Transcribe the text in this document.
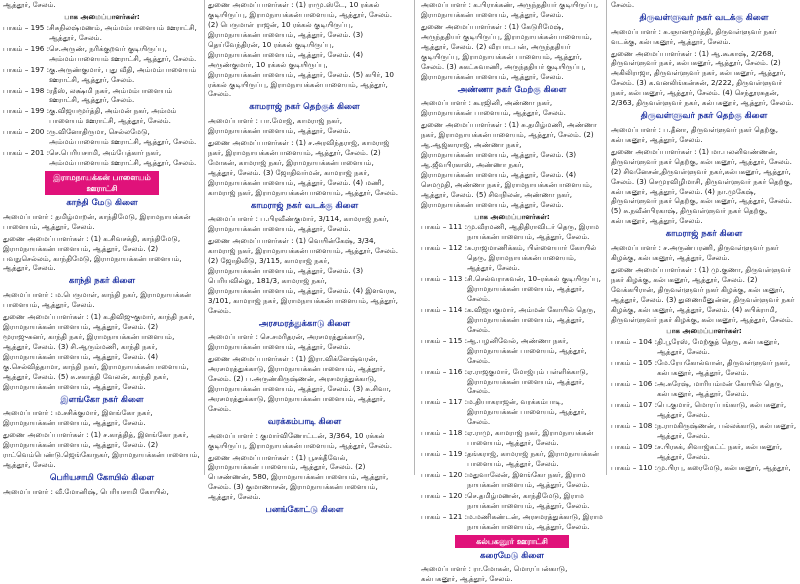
ஆத்தூர், சேலம்.

பாக அமைப்பாளர்கள்:
பாகம் – 195 : சிசுநிலஷ்மணம், அம்மம்பாளையம் ஊராட்சி, ஆத்தூர், சேலம்.
பாகம் – 196 : செ.அருண், நரிக்குறவர் குடியிருப்பு, அம்மம்பாளையம் ஊராட்சி, ஆத்தூர், சேலம்.
பாகம் – 197 : கு.அருண்குமார், புது வீதி, அம்மம்பாளையம் ஊராட்சி, ஆத்தூர், சேலம்.
பாகம் – 198 : ரதீஸ், லக்ஷ்மி நகர், அம்மம்பாளையம் ஊராட்சி, ஆத்தூர், சேலம்.
பாகம் – 199 : கு.விஜயமூர்த்தி, அம்மன் நகர், அம்மம் பாளையம் ஊராட்சி, ஆத்தூர், சேலம்.
பாகம் – 200 : ரு.வினோதிருமா, செல்லமேடு, அம்மம்பாளையம் ஊராட்சி, ஆத்தூர், சேலம்.
பாகம் – 201 : செ.பெரியசாமி, அம்பேத்கார் நகர், அம்மம்பாளையம் ஊராட்சி, ஆத்தூர், சேலம்.
இராமநாயக்கன் பாளையம் ஊராட்சி
காந்தி மேடு கிளை

அமைப்பாளர் : தமிழ்மாறன், காந்திமேடு, இராமநாயக்கன் பாளையம், ஆத்தூர், சேலம்.

துணை அமைப்பாளர்கள் : (1) க.சிவசக்தி, காந்திமேடு, இராமநாயக்கன்பாளையம், ஆத்தூர், சேலம். (2) பவநுசெல்லம், காந்திமேடு, இராமநாயக்கன்பாளையம், ஆத்தூர், சேலம்.

காந்தி நகர் கிளை

அமைப்பாளர் : ம.பெருமாள், காந்தி நகர், இராமநாயக்கன் பாளையம், ஆத்தூர், சேலம்.

துணை அமைப்பாளர்கள் : (1) க.திவிஜுகுமார், காந்தி நகர், இராமநாயக்கன்பாளையம், ஆத்தூர், சேலம். (2) மூராஜுசுனர், காந்தி நகர், இராமநாயக்கன்பாளையம், ஆத்தூர், சேலம். (3) சி.ஆரும்மணி, காந்தி நகர், இராமநாயக்கன்பாளையம், ஆத்தூர், சேலம். (4) கு.செல்வித்தாமா, காந்தி நகர், இராமநாயக்கன்பாளையம், ஆத்தூர், சேலம். (5) சு.சகாத்தி வேலன், காந்தி நகர், இராமநாயக்கன்பாளையம், ஆத்தூர், சேலம்.

இளங்கோ நகர் கிளை

அமைப்பாளர் : ம.சசிக்குமார், இளங்கோ நகர், இராமநாயக்கன்பாளையம், ஆத்தூர், சேலம்.

துணை அமைப்பாளர்கள் : (1) ச.காத்தித், இளங்கோ நகர், இராமநாயக்கன்பாளையம், ஆத்தூர், சேலம். (2) ராட்வெம்பெண்டு.ஜெங்கோநகர், இராமநாயக்கன்பாளையம், ஆத்தூர், சேலம்.

பெரியசாமி கோயில் கிளை

அமைப்பாளர் : வீ.மோனிஷ், பெரியசாமி கோயில்,

துணை அமைப்பாளர்கள் : (1) ராமு.ஸ்டே, 10 ரக்கல் குடியிருப்பு, இராமநாயக்கன்பாளையம், ஆத்தூர், சேலம். (2) பெருமாள் ராஜன், 10 ரக்கல் குடியிருப்பு, இராமநாயக்கன்பாளையம், ஆத்தூர், சேலம். (3) தெய்வேந்திரன், 10 ரக்கல் குடியிருப்பு, இராமநாயக்கன்பாளையம், ஆத்தூர், சேலம். (4) அருண்குமார், 10 ரக்கல் குடியிருப்பு, இராமநாயக்கன்பாளையம், ஆத்தூர், சேலம். (5) கபிர், 10 ரக்கல் குடியிருப்பு, இராமநாயக்கன்பாளையம், ஆத்தூர், சேலம்.

காமராஜ் நகர் தெற்குக் கிளை

அமைப்பாளர் : பா.மோஜ், காமராஜ் நகர், இராமநாயக்கன்பாளையம், ஆத்தூர், சேலம்.

துணை அமைப்பாளர்கள் : (1) ச.அரவிந்தராஜ், காமராஜ் நகர், இராமநாயக்கன்பாளையம், ஆத்தூர், சேலம். (2) மோகன், காமராஜ் நகர், இராமநாயக்கன்பாளையம், ஆத்தூர், சேலம். (3) ஜோதிவர்மன், காமராஜ் நகர், இராமநாயக்கன்பாளையம், ஆத்தூர், சேலம். (4) மணி, காமராஜ் நகர், இராமநாயக்கன்பாளையம், ஆத்தூர், சேலம்.

காமராஜ் நகர் வடக்கு கிளை

அமைப்பாளர் : ப.பிரவீண்குமார், 3/114, காமராஜ் நகர், இராமநாயக்கன்பாளையம், ஆத்தூர், சேலம்.

துணை அமைப்பாளர்கள் : (1) வெயின்கேஷ், 3/34, காமராஜ் நகர், இராமநாயக்கன்பாளையம், ஆத்தூர், சேலம். (2) ஜோதிவீடு, 3/115, காமராஜ் நகர், இராமநாயக்கன்பாளையம், ஆத்தூர், சேலம். (3) பெரியவில்லு, 181/3, காமராஜ் நகர், இராமநாயக்கன்பாளையம், ஆத்தூர், சேலம். (4) இளவரசு, 3/101, காமராஜ் நகர், இராமநாயக்கன்பாளையம், ஆத்தூர், சேலம்.

அரசமரத்துக்காடு கிளை

அமைப்பாளர் : செ.சமரிதரன், அரசமரத்துக்காடு, இராமநாயக்கன்பாளையம், ஆத்தூர், சேலம்.

துணை அமைப்பாளர்கள் : (1) இரா.விக்னேஷ்வரன், அரசமரத்துக்காடு, இராமநாயக்கன்பாளையம், ஆத்தூர், சேலம். (2) ப.அருண்கிருஷ்ணன், அரசமரத்துக்காடு, இராமநாயக்கன்பாளையம், ஆத்தூர், சேலம். (3) சு.சிவா, அரசமரத்துக்காடு, இராமநாயக்கன்பாளையம், ஆத்தூர், சேலம்.

வரக்கம்பாடி கிளை

அமைப்பாளர் : குமார்விணோட்டன், 3/364, 10 ரக்கல் குடியிருப்பு, இராமநாயக்கன்பாளையம், ஆத்தூர், சேலம்.

துணை அமைப்பாளர்கள் : (1) பூசக்தீவேல், இராமநாயக்கன் பாளையம், ஆத்தூர், சேலம். (2) பெசண்ணன், 580, இராமநாயக்கன்பாளையம், ஆத்தூர், சேலம். (3) குமாணாசன், இராமநாயக்கன்பாளையம், ஆத்தூர், சேலம்.

பனங்கோட்டு கிளை

அமைப்பாளர் : க.பிராக்கண், அருந்ததியர் குடியிருப்பு, இராமநாயக்கன்பாளையம், ஆத்தூர், சேலம்.

துணை அமைப்பாளர்கள் : (1) கேடுரிமேஷ், அருந்ததியர் குடியிருப்பு, இராமநாயக்கன்பாளையம், ஆத்தூர், சேலம். (2) வீரபாடபன், அருந்ததியர் குடியிருப்பு, இராமநாயக்கன் பாளையம், ஆத்தூர், சேலம். (3) சுகட்சுவாணி, அருந்ததியர் குடியிருப்பு, இராமநாயக்கன்பாளையம், ஆத்தூர், சேலம்.

அண்ணா நகர் மேற்கு கிளை

அமைப்பாளர் : கூரஜினி, அண்ணா நகர், இராமநாயக்கன் பாளையம், ஆத்தூர், சேலம்.

துணை அமைப்பாளர்கள் : (1) சு.தமிழ்மணி, அண்ணா நகர், இராமநாயக்கன்பாளையம், ஆத்தூர், சேலம். (2) ஆ.ஆஜ்காராஜ், அண்ணா நகர், இராமநாயக்கன்பாளையம், ஆத்தூர், சேலம். (3) ஆ.ஜீவபிரகாஸ், அண்ணா நகர், இராமநாயக்கன்பாளையம், ஆத்தூர், சேலம். (4) செமமுதி, அண்ணா நகர், இராமநாயக்கன்பாளையம், ஆத்தூர், சேலம். (5) சிவநிலன், அண்ணா நகர், இராமநாயக்கன்பாளையம், ஆத்தூர், சேலம்.

பாக அமைப்பாளர்கள்:
பாகம் – 111 : மு.வீரமணி, ஆதிதிராவிடர் தெரு, இராம நாயக்கன்பாளையம், ஆத்தூர், சேலம்.
பாகம் – 112 : சு.ராஜமாணிக்கம், பிள்ளையார் கோயில் தெரு, இராமநாயக்கன்பாளையம், ஆத்தூர், சேலம்.
பாகம் – 113 : சி.செல்வராகவன், 10–ரக்கல் குடியிருப்பு, இராமநாயக்கன்பாளையம், ஆத்தூர், சேலம்.
பாகம் – 114 : க.விஜயகுமார், அம்மன் கோயில் தெரு, இராமநாயக்கன்பாளையம், ஆத்தூர், சேலம்.
பாகம் – 115 : ஆ.பழனிவேல், அண்ணா நகர், இராமநாயக்கன் பாளையம், ஆத்தூர், சேலம்.
பாகம் – 116 : ஏ.ராஜகுமார், மோஜ்பும் பள்ளிக்காடு, இராமநாயக்கன்பாளையம், ஆத்தூர், சேலம்.
பாகம் – 117 : ம.தியாகராஜன், வரக்கம்பாடி, இராமநாயக்கன் பாளையம், ஆத்தூர், சேலம்.
பாகம் – 118 : ஏ.ராமு, காமராஜ் நகர், இராமநாயக்கன் பாளையம், ஆத்தூர், சேலம்.
பாகம் – 119 : தங்கராஜ், காமராஜ் நகர், இராமநாயக்கன் பாளையம், ஆத்தூர், சேலம்.
பாகம் – 120 : மதுவாலேன், இளங்கோ நகர், இராம நாயக்கன்பாளையம், ஆத்தூர், சேலம்.
பாகம் – 120 : செ.தமிழ்மணன், காந்திமேடு, இராம நாயக்கன்பாளையம், ஆத்தூர், சேலம்.
பாகம் – 121 : ம.மணிகண்டன், அரசமரத்துக்காடு, இராம நாயக்கன்பாளையம், ஆத்தூர், சேலம்.
கல்பகனூர் ஊராட்சி
கரைமேடு கிளை

அமைப்பாளர் : ரா.மோகன், மொரப்பன்காடு, கல்பகனூர், ஆத்தூர், சேலம்.

சேலம்.

திருவள்ளுவர் நகர் வடக்கு கிளை

அமைப்பாளர் : சு.ஞானமூர்த்தி, திருவள்ளுவர் நகர் வடக்கு, கல்பகனூர், ஆத்தூர், சேலம்.

துணை அமைப்பாளர்கள் : (1) ஆ.கூகாஷ், 2/268, திருவள்ளுவர் நகர், கல்பகனூர், ஆத்தூர், சேலம். (2) அகிலிராஜா, திருவள்ளுவர் நகர், கல்பகனூர், ஆத்தூர், சேலம். (3) க.வனலிங்கன்சுன், 2/222, திருவள்ளுவர் நகர், கல்பகனூர், ஆத்தூர், சேலம். (4) செந்தூரசுதன், 2/363, திருவள்ளுவர் நகர், கல்பகனூர், ஆத்தூர், சேலம்.

திருவள்ளுவர் நகர் தெற்கு கிளை

அமைப்பாளர் : ப.தீனா, திருவள்ளுவர் நகர் தெற்கு, கல்பகனூர், ஆத்தூர், சேலம்.

துணை அமைப்பாளர்கள் : (1) மா.பலனிவண்ணன், திருவள்ளுவர் நகர் தெற்கு, கல்பகனூர், ஆத்தூர், சேலம். (2) சிவனேசன்,திருவள்ளுவர் நகர்,கல்பகனூர், ஆத்தூர், சேலம். (3) செமுரவிழிமாசி, திருவள்ளுவர் நகர் தெற்கு, கல்பகனூர், ஆத்தூர், சேலம். (4) நா.முகேஷ், திருவள்ளுவர் நகர் தெற்கு, கல்பகனூர், ஆத்தூர், சேலம். (5) சு.நவீன்பிரகாஷ், திருவள்ளுவர் நகர் தெற்கு, கல்பகனூர், ஆத்தூர், சேலம்.

காமராஜ் நகர் கிளை

அமைப்பாளர் : ச.அருண்பரணி, திருவள்ளுவர் நகர் கிழக்கு, கல்பகனூர், ஆத்தூர், சேலம்.

துணை அமைப்பாளர்கள் : (1) மு.குணா, திருவள்ளுவர் நகர் கிழக்கு, கல்பகனூர், ஆத்தூர், சேலம். (2) வேக்கபிரான், திருவள்ளுவர் நகர் கிழக்கு, கல்பகனூர், ஆத்தூர், சேலம். (3) துணைமீனுன்ன, திருவள்ளுவர் நகர் கிழக்கு, கல்பகனூர், ஆத்தூர், சேலம். (4) சுபிக்ராமி, திருவள்ளுவர் நகர் கிழக்கு, கல்பகனூர், ஆத்தூர், சேலம்.

பாக அமைப்பாளர்கள்:
பாகம் – 104 : தி.பூரேஸ், மேற்குத் தெரு, கல்பகனூர், ஆத்தூர், சேலம்.
பாகம் – 105 : மே.ரேயகோல்வான், திருவள்ளுவர் நகர், கல்பகனூர், ஆத்தூர், சேலம்.
பாகம் – 106 : அ.சுரேஷ், மாரியம்மன் கோயில் தெரு, கல்பகனூர், ஆத்தூர், சேலம்.
பாகம் – 107 : பெ.குமார், மொரப்பங்காடு, கல்பகனூர், ஆத்தூர், சேலம்.
பாகம் – 108 : ந.ராமகிருஷ்ணன், பல்லக்காடு, கல்பகனூர், ஆத்தூர், சேலம்.
பாகம் – 109 : ச.பிரசுக், சிவாஜ்கட்ட் நகர், கல்பகனூர், ஆத்தூர், சேலம்.
பாகம் – 110 : மு.பிரபு, கரைமேடு, கல்பகனூர், ஆத்தூர்,
